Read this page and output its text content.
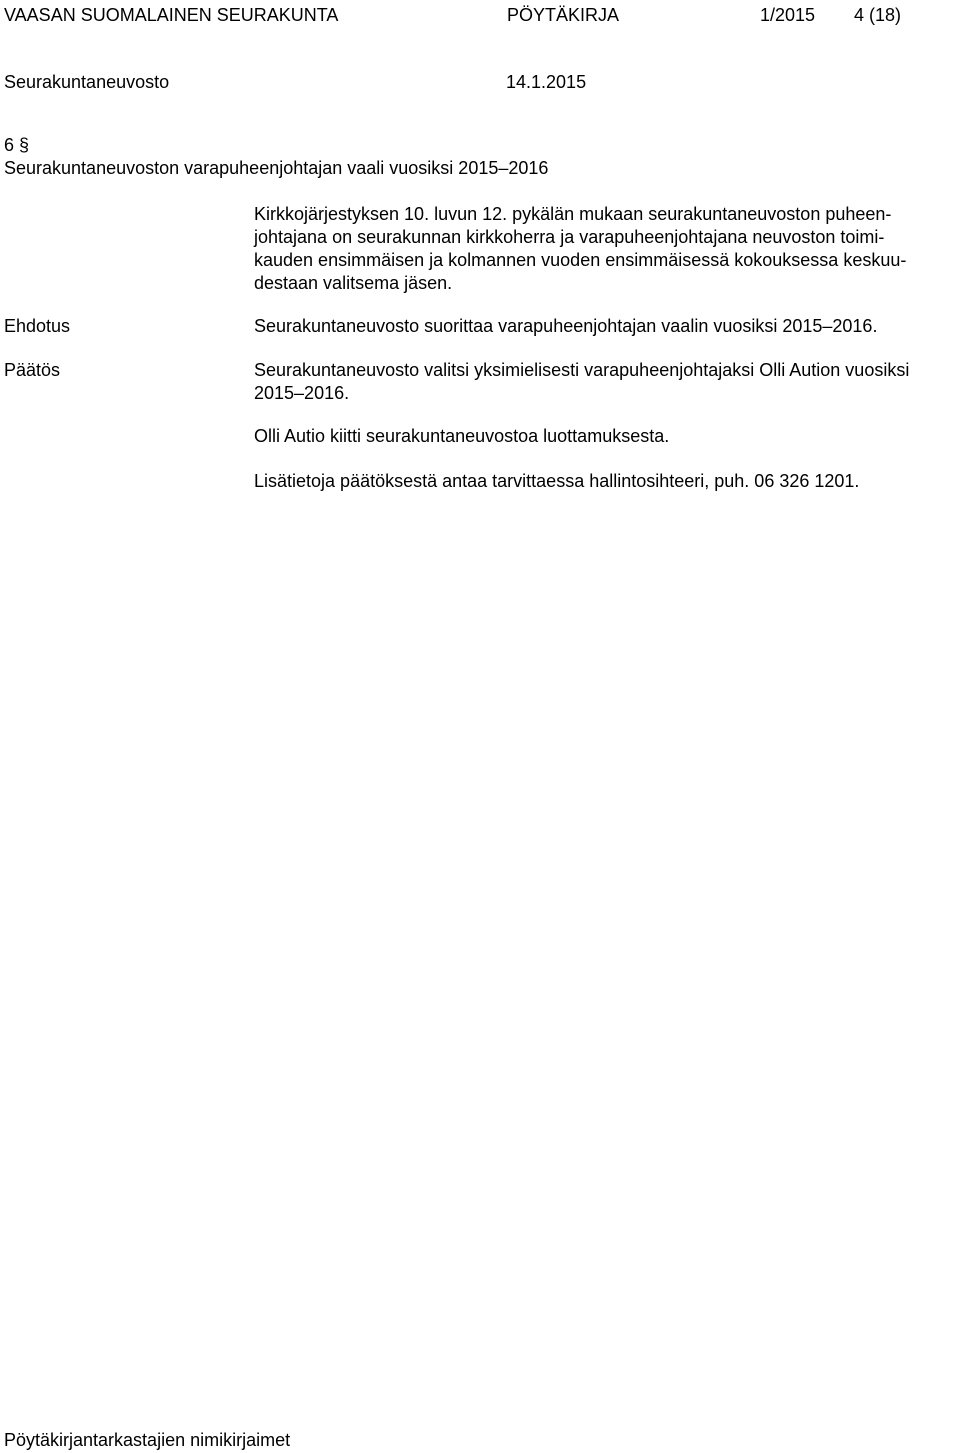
VAASAN SUOMALAINEN SEURAKUNTA	PÖYTÄKIRJA	1/2015 4 (18)
Seurakuntaneuvosto	14.1.2015
6 §
Seurakuntaneuvoston varapuheenjohtajan vaali vuosiksi 2015–2016
Kirkkojärjestyksen 10. luvun 12. pykälän mukaan seurakuntaneuvoston puheen-
johtajana on seurakunnan kirkkoherra ja varapuheenjohtajana neuvoston toimi-
kauden ensimmäisen ja kolmannen vuoden ensimmäisessä kokouksessa keskuu-
destaan valitsema jäsen.
Ehdotus	Seurakuntaneuvosto suorittaa varapuheenjohtajan vaalin vuosiksi 2015–2016.
Päätös	Seurakuntaneuvosto valitsi yksimielisesti varapuheenjohtajaksi Olli Aution vuosiksi 2015–2016.
Olli Autio kiitti seurakuntaneuvostoa luottamuksesta.
Lisätietoja päätöksestä antaa tarvittaessa hallintosihteeri, puh. 06 326 1201.
Pöytäkirjantarkastajien nimikirjaimet
